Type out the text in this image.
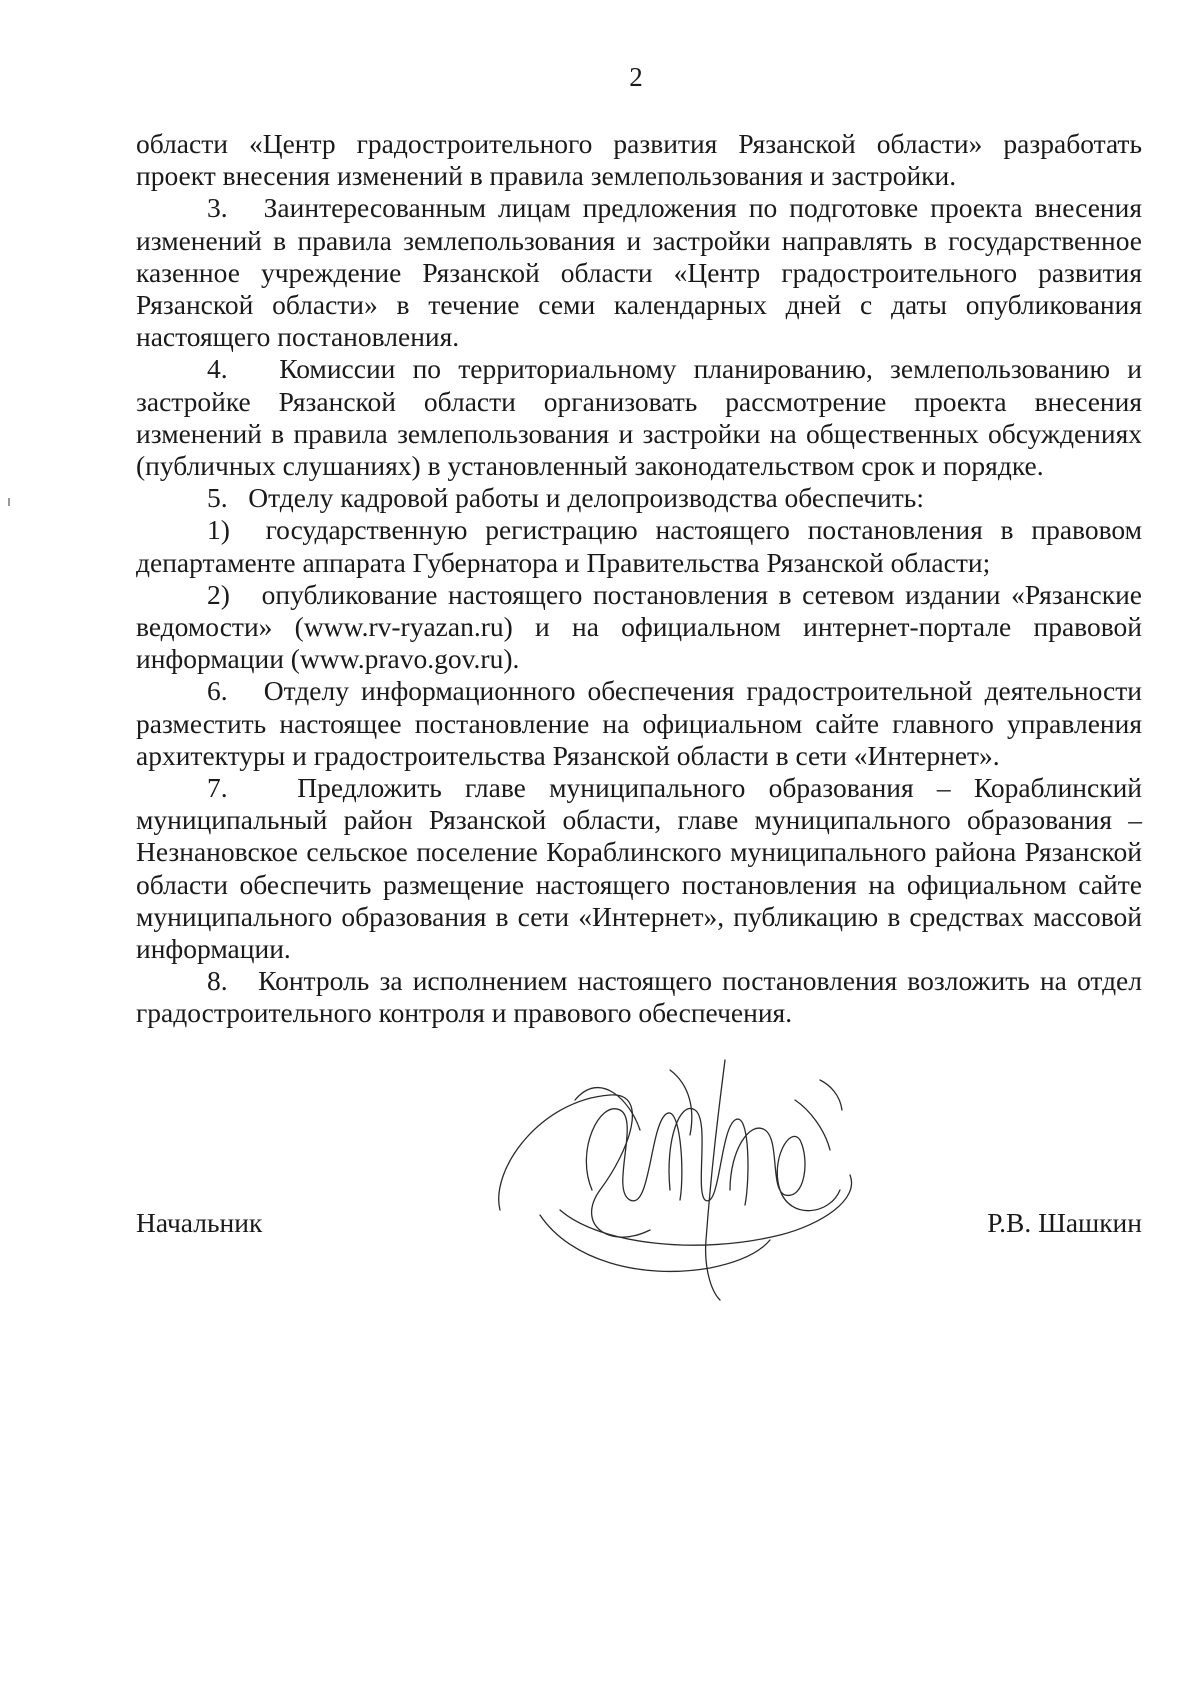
2

области «Центр градостроительного развития Рязанской области» разработать проект внесения изменений в правила землепользования и застройки.

3.   Заинтересованным лицам предложения по подготовке проекта внесения изменений в правила землепользования и застройки направлять в государственное казенное учреждение Рязанской области «Центр градостроительного развития Рязанской области» в течение семи календарных дней с даты опубликования настоящего постановления.

4.   Комиссии по территориальному планированию, землепользованию и застройке Рязанской области организовать рассмотрение проекта внесения изменений в правила землепользования и застройки на общественных обсуждениях (публичных слушаниях) в установленный законодательством срок и порядке.

5.   Отделу кадровой работы и делопроизводства обеспечить:

1)  государственную регистрацию настоящего постановления в правовом департаменте аппарата Губернатора и Правительства Рязанской области;

2)   опубликование настоящего постановления в сетевом издании «Рязанские ведомости» (www.rv-ryazan.ru) и на официальном интернет-портале правовой информации (www.pravo.gov.ru).

6.   Отделу информационного обеспечения градостроительной деятельности разместить настоящее постановление на официальном сайте главного управления архитектуры и градостроительства Рязанской области в сети «Интернет».

7.   Предложить главе муниципального образования – Кораблинский муниципальный район Рязанской области, главе муниципального образования – Незнановское сельское поселение Кораблинского муниципального района Рязанской области обеспечить размещение настоящего постановления на официальном сайте муниципального образования в сети «Интернет», публикацию в средствах массовой информации.

8.   Контроль за исполнением настоящего постановления возложить на отдел градостроительного контроля и правового обеспечения.

Начальник	Р.В. Шашкин
